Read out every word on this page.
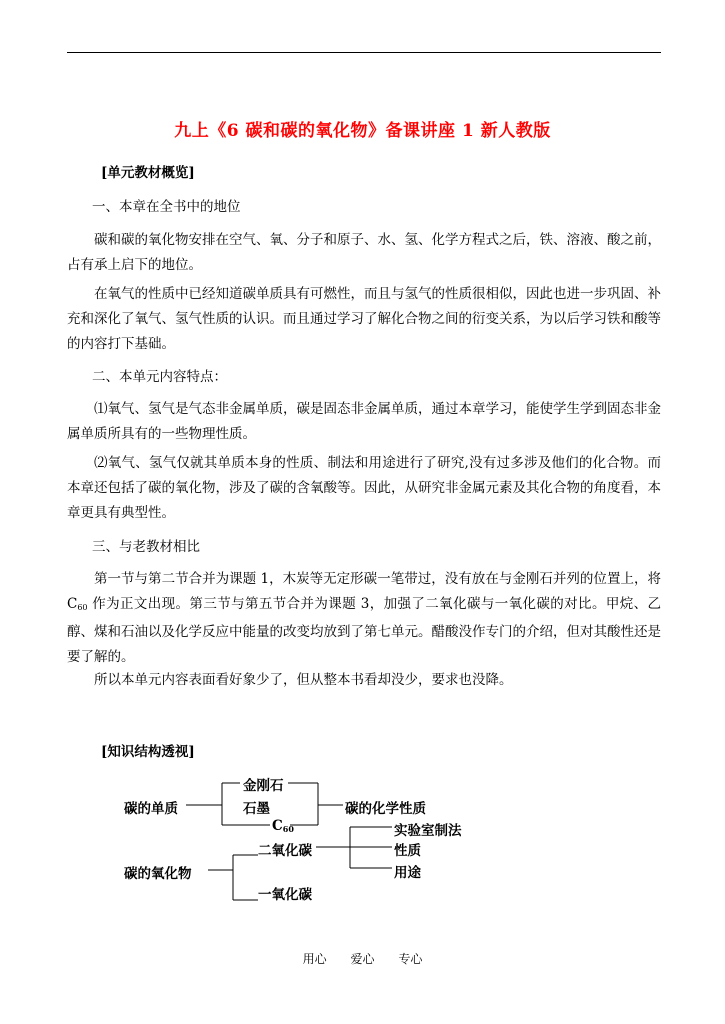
九上《6 碳和碳的氧化物》备课讲座 1 新人教版
[单元教材概览]
一、本章在全书中的地位

碳和碳的氧化物安排在空气、氧、分子和原子、水、氢、化学方程式之后，铁、溶液、酸之前，占有承上启下的地位。

在氧气的性质中已经知道碳单质具有可燃性，而且与氢气的性质很相似，因此也进一步巩固、补充和深化了氧气、氢气性质的认识。而且通过学习了解化合物之间的衍变关系，为以后学习铁和酸等的内容打下基础。

二、本单元内容特点：

⑴氧气、氢气是气态非金属单质，碳是固态非金属单质，通过本章学习，能使学生学到固态非金属单质所具有的一些物理性质。

⑵氧气、氢气仅就其单质本身的性质、制法和用途进行了研究,没有过多涉及他们的化合物。而本章还包括了碳的氧化物，涉及了碳的含氧酸等。因此，从研究非金属元素及其化合物的角度看，本章更具有典型性。

三、与老教材相比

第一节与第二节合并为课题 1，木炭等无定形碳一笔带过，没有放在与金刚石并列的位置上，将 $C_{60}$ 作为正文出现。第三节与第五节合并为课题 3，加强了二氧化碳与一氧化碳的对比。甲烷、乙醇、煤和石油以及化学反应中能量的改变均放到了第七单元。醋酸没作专门的介绍，但对其酸性还是要了解的。

所以本单元内容表面看好象少了，但从整本书看却没少，要求也没降。

[知识结构透视]
碳的单质
金刚石
石墨
$C_{60}$
碳的化学性质
碳的氧化物
二氧化碳
一氧化碳
实验室制法
性质
用途
用心 爱心 专心
